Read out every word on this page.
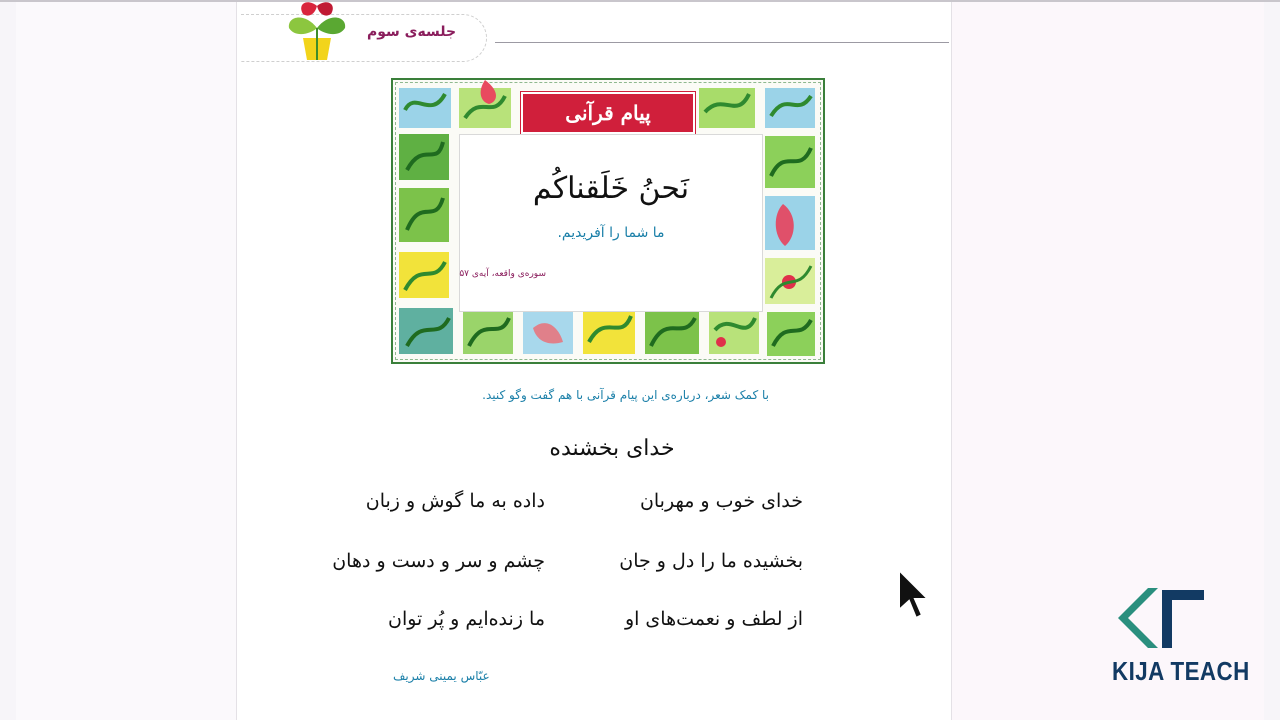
جلسه‌ی سوم
پیام قرآنی
نَحنُ خَلَقناکُم
ما شما را آفریدیم.
سوره‌ی واقعه، آیه‌ی ۵۷
با کمک شعر، درباره‌ی این پیام قرآنی با هم گفت وگو کنید.
خدای بخشنده
خدای خوب و مهربان
داده به ما گوش و زبان
بخشیده ما را دل و جان
چشم و سر و دست و دهان
از لطف و نعمت‌های او
ما زنده‌ایم و پُر توان
عبّاس یمینی شریف	KIJA TEACH
